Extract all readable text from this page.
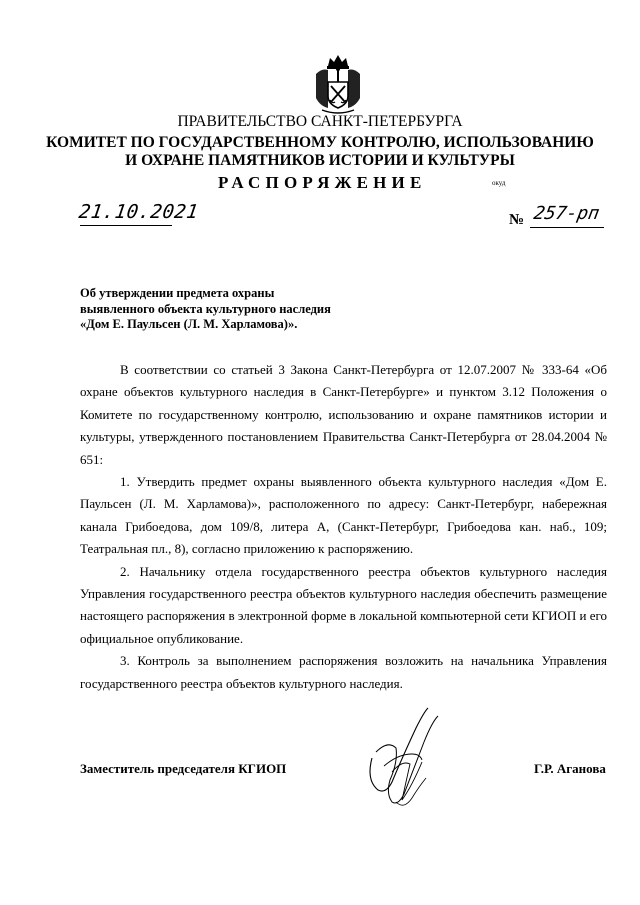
ПРАВИТЕЛЬСТВО САНКТ-ПЕТЕРБУРГА
КОМИТЕТ ПО ГОСУДАРСТВЕННОМУ КОНТРОЛЮ, ИСПОЛЬЗОВАНИЮ
И ОХРАНЕ ПАМЯТНИКОВ ИСТОРИИ И КУЛЬТУРЫ
РАСПОРЯЖЕНИЕ	окуд
21.10.2021	№ 257-рп
Об утверждении предмета охраны
выявленного объекта культурного наследия
«Дом Е. Паульсен (Л. М. Харламова)».

В соответствии со статьей 3 Закона Санкт-Петербурга от 12.07.2007 № 333-64 «Об охране объектов культурного наследия в Санкт-Петербурге» и пунктом 3.12 Положения о Комитете по государственному контролю, использованию и охране памятников истории и культуры, утвержденного постановлением Правительства Санкт-Петербурга от 28.04.2004 № 651:

1. Утвердить предмет охраны выявленного объекта культурного наследия «Дом Е. Паульсен (Л. М. Харламова)», расположенного по адресу: Санкт-Петербург, набережная канала Грибоедова, дом 109/8, литера А, (Санкт-Петербург, Грибоедова кан. наб., 109; Театральная пл., 8), согласно приложению к распоряжению.

2. Начальнику отдела государственного реестра объектов культурного наследия Управления государственного реестра объектов культурного наследия обеспечить размещение настоящего распоряжения в электронной форме в локальной компьютерной сети КГИОП и его официальное опубликование.

3. Контроль за выполнением распоряжения возложить на начальника Управления государственного реестра объектов культурного наследия.

Заместитель председателя КГИОП	Г.Р. Аганова
